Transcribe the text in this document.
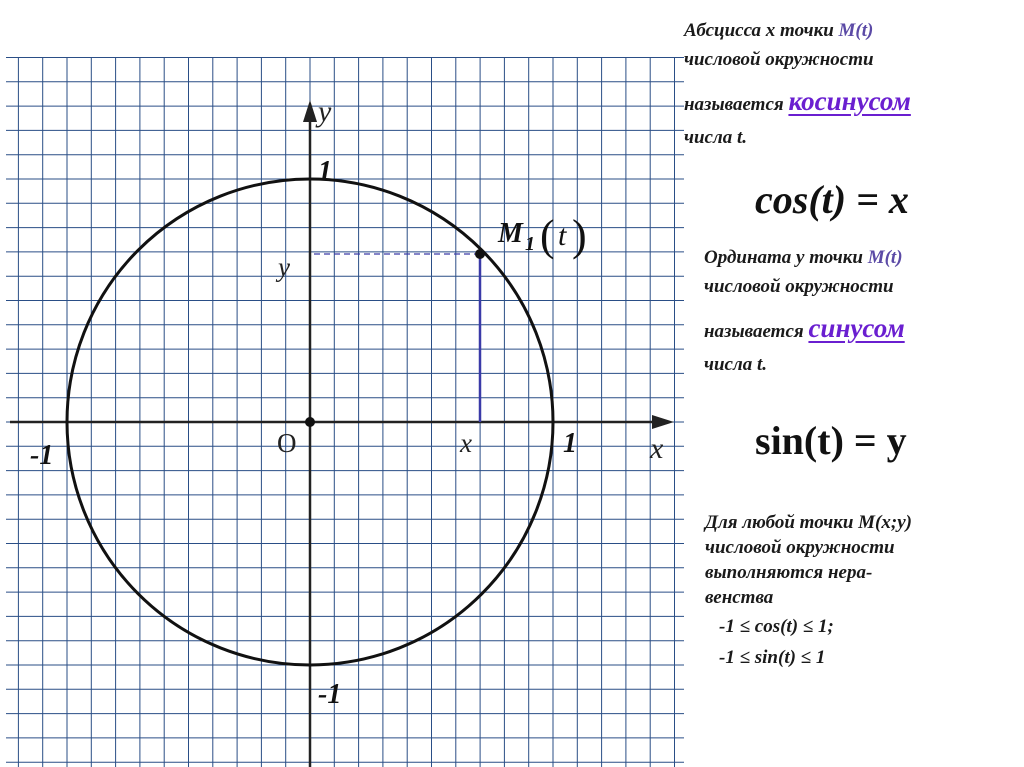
y
x
O	1
-1
1
-1
y
x
M 1 ( t )
Абсцисса x точки M(t)
числовой окружности
называется косинусом
числа t.
cos(t) = x
Ордината y точки M(t)
числовой окружности
называется синусом
числа t.
sin(t) = y
Для любой точки M(x;y)
числовой окружности
выполняются нера-
венства
-1 ≤ cos(t) ≤ 1;
-1 ≤ sin(t) ≤ 1
